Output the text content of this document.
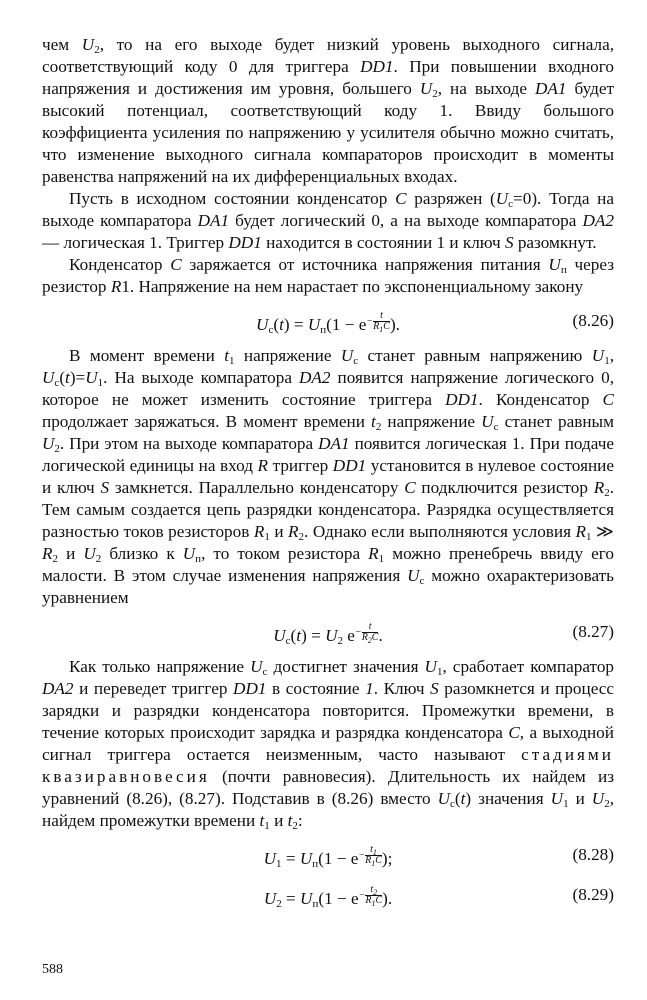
чем $U_2$, то на его выходе будет низкий уровень выходного сигнала, соответствующий коду 0 для триггера DD1. При повышении входного напряжения и достижения им уровня, большего $U_2$, на выходе DA1 будет высокий потенциал, соответствующий коду 1. Ввиду большого коэффициента усиления по напряжению у усилителя обычно можно считать, что изменение выходного сигнала компараторов происходит в моменты равенства напряжений на их дифференциальных входах.

Пусть в исходном состоянии конденсатор C разряжен $(U_с=0)$. Тогда на выходе компаратора DA1 будет логический 0, а на выходе компаратора DA2 — логическая 1. Триггер DD1 находится в состоянии 1 и ключ S разомкнут.

Конденсатор C заряжается от источника напряжения питания $U_п$ через резистор R1. Напряжение на нем нарастает по экспоненциальному закону

$U_с(t) = U_п(1 - e- \frac{t}{R_1C}$ ).	(8.26)

В момент времени $t_1$ напряжение $U_с$ станет равным напряжению $U_1$, $U_с(t)=U_1$. На выходе компаратора DA2 появится напряжение логического 0, которое не может изменить состояние триггера DD1. Конденсатор C продолжает заряжаться. В момент времени $t_2$ напряжение $U_с$ станет равным $U_2$. При этом на выходе компаратора DA1 появится логическая 1. При подаче логической единицы на вход R триггер DD1 установится в нулевое состояние и ключ S замкнется. Параллельно конденсатору C подключится резистор $R_2$. Тем самым создается цепь разрядки конденсатора. Разрядка осуществляется разностью токов резисторов $R_1$ и $R_2$. Однако если выполняются условия $R_1$ ≫ $R_2$ и $U_2$ близко к $U_п$, то током резистора $R_1$ можно пренебречь ввиду его малости. В этом случае изменения напряжения $U_с$ можно охарактеризовать уравнением

$U_с(t) = U_2$ $e- \frac{t}{R_2C}$ .	(8.27)

Как только напряжение $U_с$ достигнет значения $U_1$, сработает компаратор DA2 и переведет триггер DD1 в состояние 1. Ключ S разомкнется и процесс зарядки и разрядки конденсатора повторится. Промежутки времени, в течение которых происходит зарядка и разрядка конденсатора C, а выходной сигнал триггера остается неизменным, часто называют стадиями квазиравновесия (почти равновесия). Длительность их найдем из уравнений (8.26), (8.27). Подставив в (8.26) вместо $U_с(t)$ значения $U_1$ и $U_2$, найдем промежутки времени $t_1$ и $t_2$:

$U_1 = U_п(1 - e- \frac{t_1}{R_1C}$ );	(8.28)
$U_2 = U_п(1 - e- \frac{t_2}{R_1C}$ ).	(8.29)
588
